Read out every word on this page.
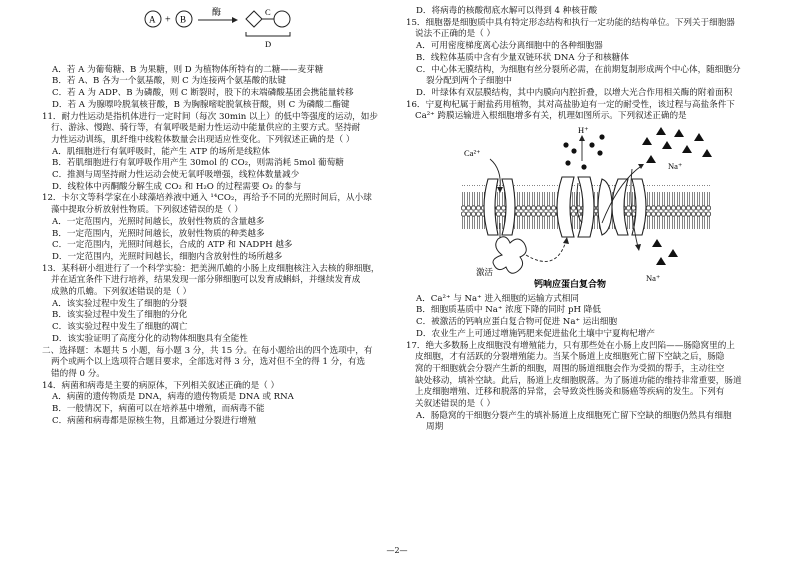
A + B
酶	C
D

A．若 A 为葡萄糖、B 为果糖，则 D 为植物体所特有的二糖——麦芽糖

B．若 A、B 各为一个氨基酸，则 C 为连接两个氨基酸的肽键

C．若 A 为 ADP、B 为磷酸，则 C 断裂时，股下的末端磷酸基团会携能量转移

D．若 A 为腺嘌呤脱氧核苷酸，B 为胸腺嘧啶脱氧核苷酸，则 C 为磷酸二酯键

11．耐力性运动是指机体进行一定时间（每次 30min 以上）的低中等强度的运动，如步

行、游泳、慢跑、骑行等，有氧呼吸是耐力性运动中能量供应的主要方式。坚持耐

力性运动训练，肌纤维中线粒体数量会出现适应性变化。下列叙述正确的是（ ）

A．肌细胞进行有氧呼吸时，能产生 ATP 的场所是线粒体

B．若肌细胞进行有氧呼吸作用产生 30mol 的 CO₂，则需消耗 5mol 葡萄糖

C．推测与周坚持耐力性运动会使无氧呼吸增强，线粒体数量减少

D．线粒体中丙酮酸分解生成 CO₂ 和 H₂O 的过程需要 O₂ 的参与

12．卡尔文等科学家在小球藻培养液中通入 ¹⁴CO₂，再给予不同的光照时间后，从小球

藻中提取分析放射性物质。下列叙述错误的是（ ）

A．一定范围内，光照时间越长，放射性物质的含量越多

B．一定范围内，光照时间越长，放射性物质的种类越多

C．一定范围内，光照时间越长，合成的 ATP 和 NADPH 越多

D．一定范围内，光照时间越长，细胞内含放射性的场所越多

13．某科研小组进行了一个科学实验：把美洲爪蟾的小肠上皮细胞核注入去核的卵细胞，

并在适宜条件下进行培养，结果发现一部分卵细胞可以发育成蝌蚪，并继续发育成

成熟的爪蟾。下列叙述错误的是（ ）

A．该实验过程中发生了细胞的分裂

B．该实验过程中发生了细胞的分化

C．该实验过程中发生了细胞的凋亡

D．该实验证明了高度分化的动物体细胞具有全能性

二、选择题：本题共 5 小题，每小题 3 分，共 15 分。在每小题给出的四个选项中，有

两个或两个以上选项符合题目要求，全部选对得 3 分，选对但不全的得 1 分，有选

错的得 0 分。

14．病菌和病毒是主要的病原体，下列相关叙述正确的是（ ）

A．病菌的遗传物质是 DNA，病毒的遗传物质是 DNA 或 RNA

B．一般情况下，病菌可以在培养基中增殖，而病毒不能

C．病菌和病毒都是原核生物，且都通过分裂进行增殖

D．将病毒的核酸彻底水解可以得到 4 种核苷酸

15．细胞器是细胞质中具有特定形态结构和执行一定功能的结构单位。下列关于细胞器

说法不正确的是（ ）

A．可用密度梯度离心法分离细胞中的各种细胞器

B．线粒体基质中含有少量双链环状 DNA 分子和核糖体

C．中心体无膜结构，为细胞有丝分裂所必需，在前期复制形成两个中心体，随细胞分

裂分配到两个子细胞中

D．叶绿体有双层膜结构，其中内膜向内腔折叠，以增大光合作用相关酶的附着面积

16．宁夏枸杞属于耐盐药用植物，其对高盐胁迫有一定的耐受性，该过程与高盐条件下

Ca²⁺ 跨膜运输进入根细胞增多有关，机理如图所示。下列叙述正确的是

Ca²⁺
激活
H⁺
Na⁺
Na⁺
钙响应蛋白复合物

A．Ca²⁺ 与 Na⁺ 进入细胞的运输方式相同

B．细胞质基质中 Na⁺ 浓度下降的同时 pH 降低

C．被激活的钙响应蛋白复合物可促进 Na⁺ 运出细胞

D．农业生产上可通过增施钙肥来促进盐化土壤中宁夏枸杞增产

17．绝大多数肠上皮细胞没有增殖能力，只有那些处在小肠上皮凹陷——肠隐窝里的上

皮细胞，才有活跃的分裂增殖能力。当某个肠道上皮细胞死亡留下空缺之后，肠隐

窝的干细胞就会分裂产生新的细胞，周围的肠道细胞会作为受损的帮手，主动往空

缺处移动，填补空缺。此后，肠道上皮细胞脱落。为了肠道功能的维持非常重要，肠道

上皮细胞增殖、迁移和脱落的异常，会导致炎性肠炎和肠癌等疾病的发生。下列有

关叙述错误的是（ ）

A．肠隐窝的干细胞分裂产生的填补肠道上皮细胞死亡留下空缺的细胞仍然具有细胞

周期

—2—
